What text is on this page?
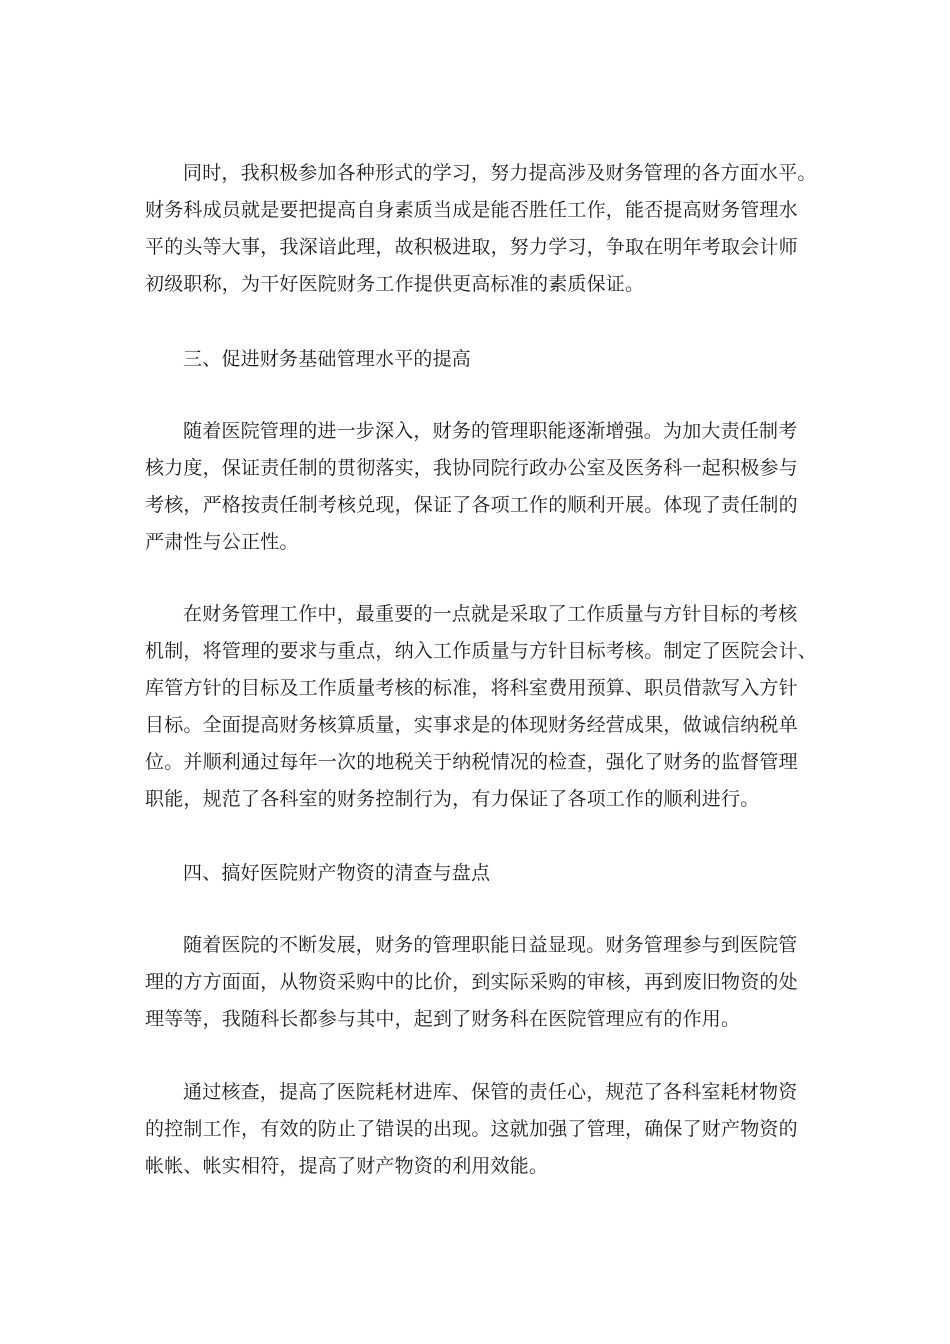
同时，我积极参加各种形式的学习，努力提高涉及财务管理的各方面水平。
财务科成员就是要把提高自身素质当成是能否胜任工作，能否提高财务管理水
平的头等大事，我深谙此理，故积极进取，努力学习，争取在明年考取会计师
初级职称，为干好医院财务工作提供更高标准的素质保证。
三、促进财务基础管理水平的提高
随着医院管理的进一步深入，财务的管理职能逐渐增强。为加大责任制考
核力度，保证责任制的贯彻落实，我协同院行政办公室及医务科一起积极参与
考核，严格按责任制考核兑现，保证了各项工作的顺利开展。体现了责任制的
严肃性与公正性。
在财务管理工作中，最重要的一点就是采取了工作质量与方针目标的考核
机制，将管理的要求与重点，纳入工作质量与方针目标考核。制定了医院会计、
库管方针的目标及工作质量考核的标准，将科室费用预算、职员借款写入方针
目标。全面提高财务核算质量，实事求是的体现财务经营成果，做诚信纳税单
位。并顺利通过每年一次的地税关于纳税情况的检查，强化了财务的监督管理
职能，规范了各科室的财务控制行为，有力保证了各项工作的顺利进行。
四、搞好医院财产物资的清查与盘点
随着医院的不断发展，财务的管理职能日益显现。财务管理参与到医院管
理的方方面面，从物资采购中的比价，到实际采购的审核，再到废旧物资的处
理等等，我随科长都参与其中，起到了财务科在医院管理应有的作用。
通过核查，提高了医院耗材进库、保管的责任心，规范了各科室耗材物资
的控制工作，有效的防止了错误的出现。这就加强了管理，确保了财产物资的
帐帐、帐实相符，提高了财产物资的利用效能。
